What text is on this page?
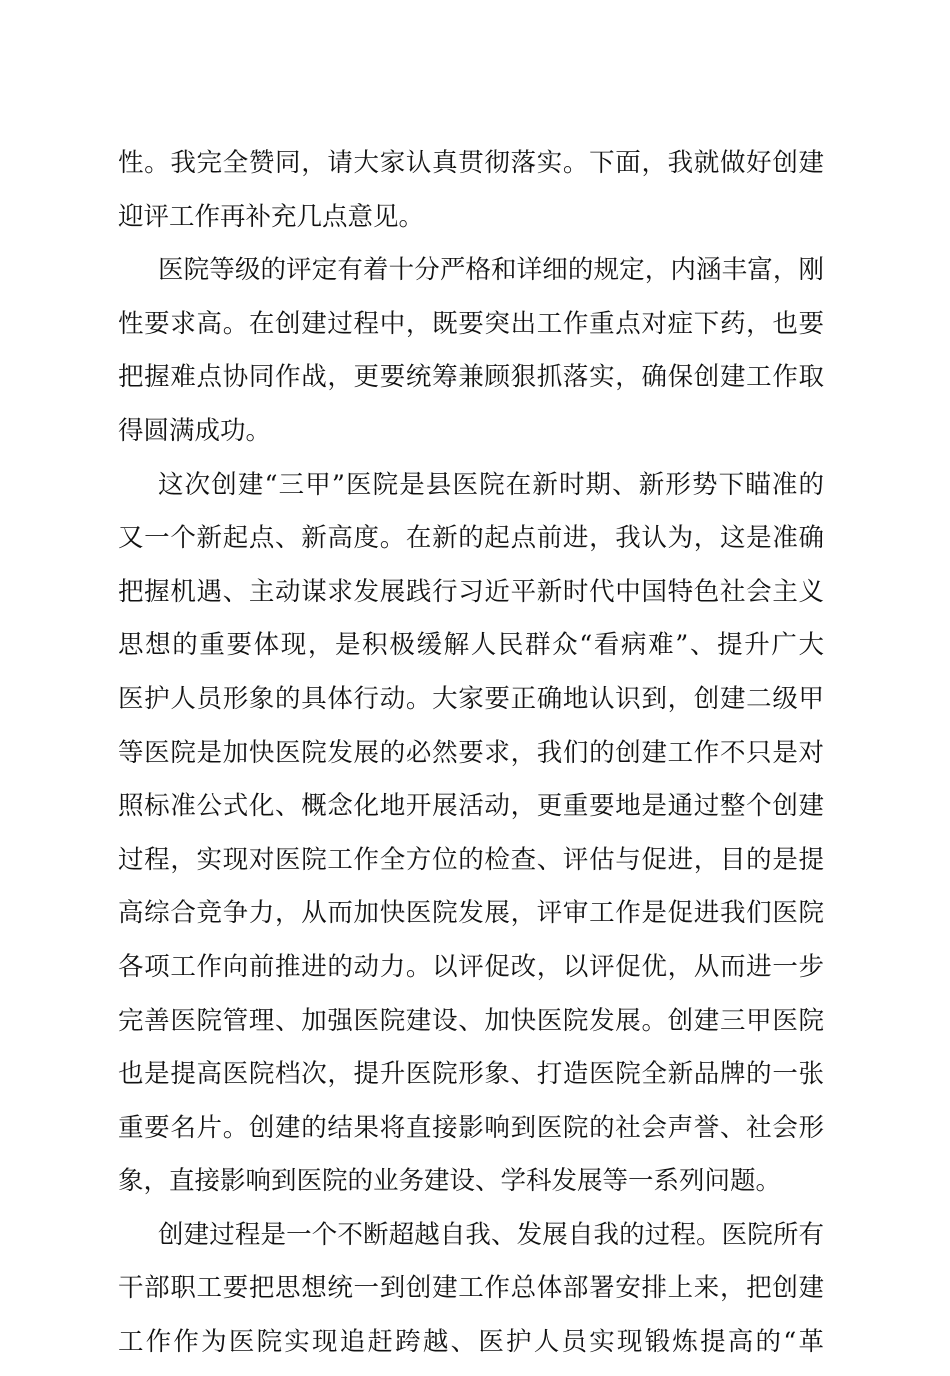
性。我完全赞同，请大家认真贯彻落实。下面，我就做好创建
迎评工作再补充几点意见。
医院等级的评定有着十分严格和详细的规定，内涵丰富，刚
性要求高。在创建过程中，既要突出工作重点对症下药，也要
把握难点协同作战，更要统筹兼顾狠抓落实，确保创建工作取
得圆满成功。
这次创建“三甲”医院是县医院在新时期、新形势下瞄准的
又一个新起点、新高度。在新的起点前进，我认为，这是准确
把握机遇、主动谋求发展践行习近平新时代中国特色社会主义
思想的重要体现，是积极缓解人民群众“看病难”、提升广大
医护人员形象的具体行动。大家要正确地认识到，创建二级甲
等医院是加快医院发展的必然要求，我们的创建工作不只是对
照标准公式化、概念化地开展活动，更重要地是通过整个创建
过程，实现对医院工作全方位的检查、评估与促进，目的是提
高综合竞争力，从而加快医院发展，评审工作是促进我们医院
各项工作向前推进的动力。以评促改，以评促优，从而进一步
完善医院管理、加强医院建设、加快医院发展。创建三甲医院
也是提高医院档次，提升医院形象、打造医院全新品牌的一张
重要名片。创建的结果将直接影响到医院的社会声誉、社会形
象，直接影响到医院的业务建设、学科发展等一系列问题。
创建过程是一个不断超越自我、发展自我的过程。医院所有
干部职工要把思想统一到创建工作总体部署安排上来，把创建
工作作为医院实现追赶跨越、医护人员实现锻炼提高的“革
